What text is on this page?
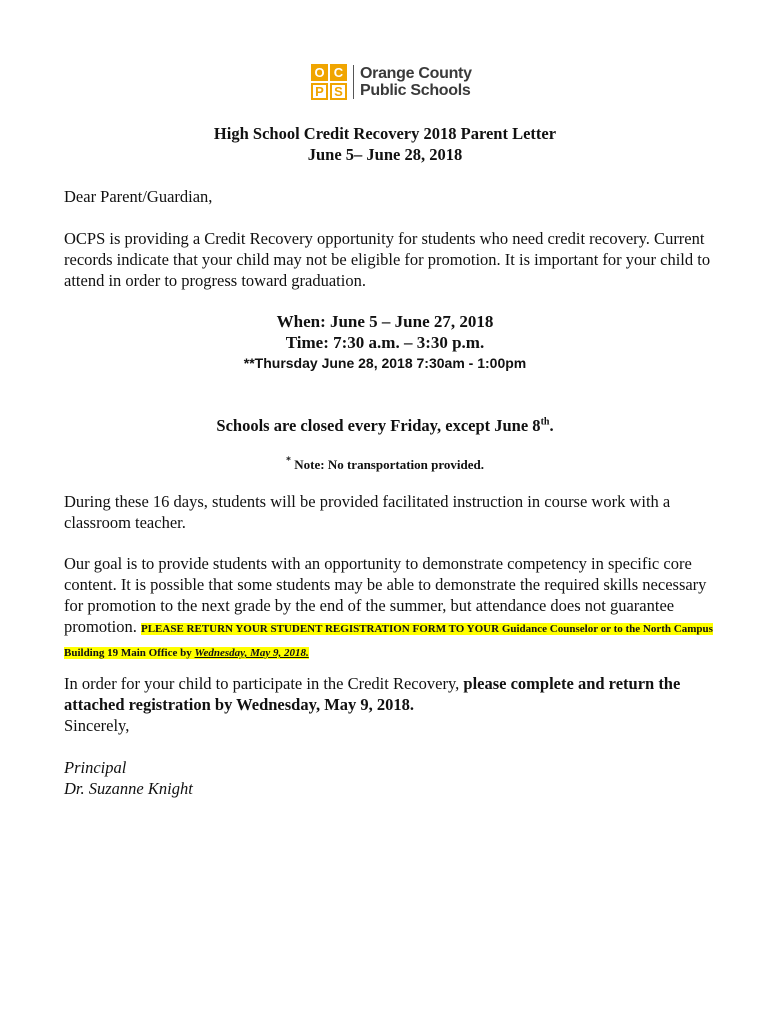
O C
P S
Orange County
Public Schools
High School Credit Recovery 2018 Parent Letter
June 5– June 28, 2018
Dear Parent/Guardian,
OCPS is providing a Credit Recovery opportunity for students who need credit recovery. Current records indicate that your child may not be eligible for promotion. It is important for your child to attend in order to progress toward graduation.
When: June 5 – June 27, 2018
Time: 7:30 a.m. – 3:30 p.m.
**Thursday June 28, 2018 7:30am - 1:00pm
Schools are closed every Friday, except June 8th.
* Note: No transportation provided.
During these 16 days, students will be provided facilitated instruction in course work with a classroom teacher.
Our goal is to provide students with an opportunity to demonstrate competency in specific core content. It is possible that some students may be able to demonstrate the required skills necessary for promotion to the next grade by the end of the summer, but attendance does not guarantee promotion. PLEASE RETURN YOUR STUDENT REGISTRATION FORM TO YOUR Guidance Counselor or to the North Campus Building 19 Main Office by Wednesday, May 9, 2018.
In order for your child to participate in the Credit Recovery, please complete and return the attached registration by Wednesday, May 9, 2018.
Sincerely,
Principal
Dr. Suzanne Knight
